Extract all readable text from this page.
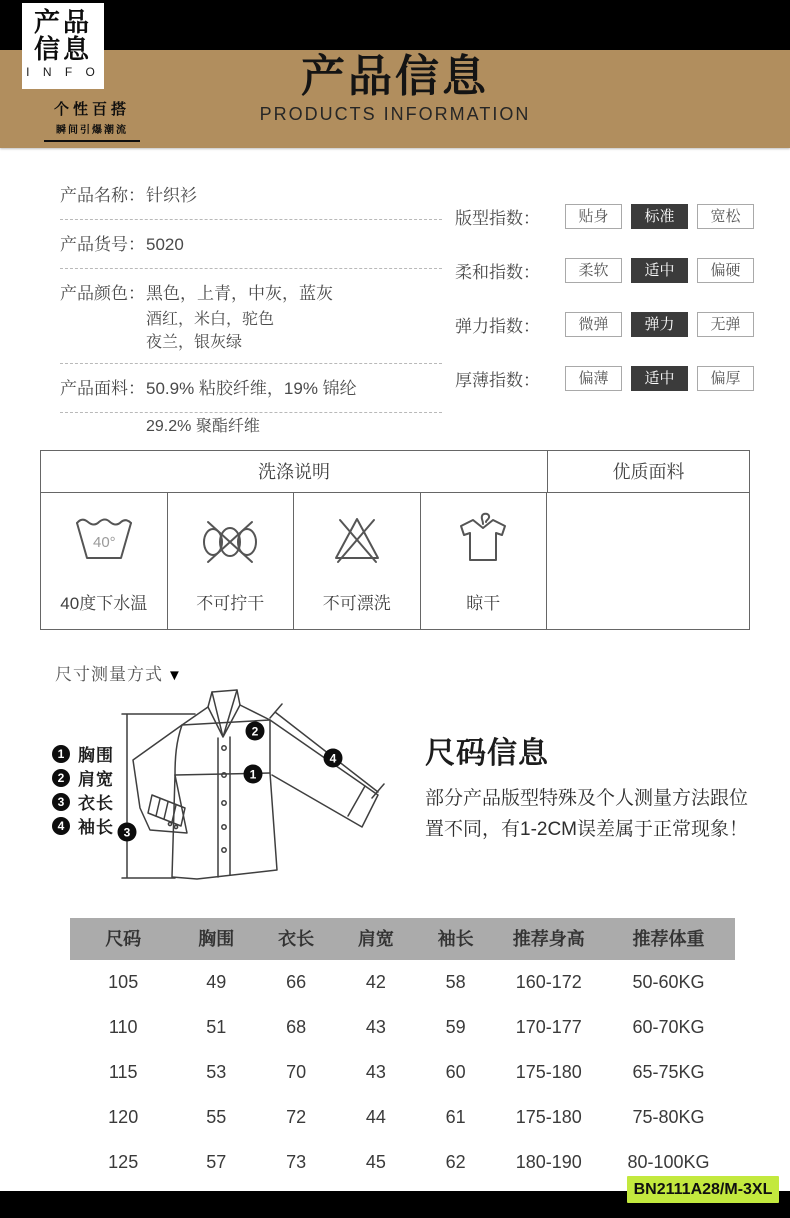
产品信息
PRODUCTS INFORMATION
产品
信息
I N F O
个性百搭
瞬间引爆潮流
产品名称： 针织衫
产品货号： 5020
产品颜色： 黑色，上青，中灰，蓝灰
酒红，米白，驼色
夜兰，银灰绿
产品面料： 50.9% 粘胶纤维，19% 锦纶
29.2% 聚酯纤维
版型指数：	贴身	标准	宽松
柔和指数：	柔软	适中	偏硬
弹力指数：	微弹	弹力	无弹
厚薄指数：	偏薄	适中	偏厚
洗涤说明	优质面料
40°
40度下水温	不可拧干	不可漂洗	晾干
尺寸测量方式 ▼
1 胸围
2 肩宽
3 衣长
4 袖长
1
2
3
4	尺码信息

部分产品版型特殊及个人测量方法跟位

置不同，有1-2CM误差属于正常现象！

尺码	胸围	衣长	肩宽	袖长	推荐身高	推荐体重
105	49	66	42	58	160-172	50-60KG
110	51	68	43	59	170-177	60-70KG
115	53	70	43	60	175-180	65-75KG
120	55	72	44	61	175-180	75-80KG
125	57	73	45	62	180-190	80-100KG
BN2111A28/M-3XL
